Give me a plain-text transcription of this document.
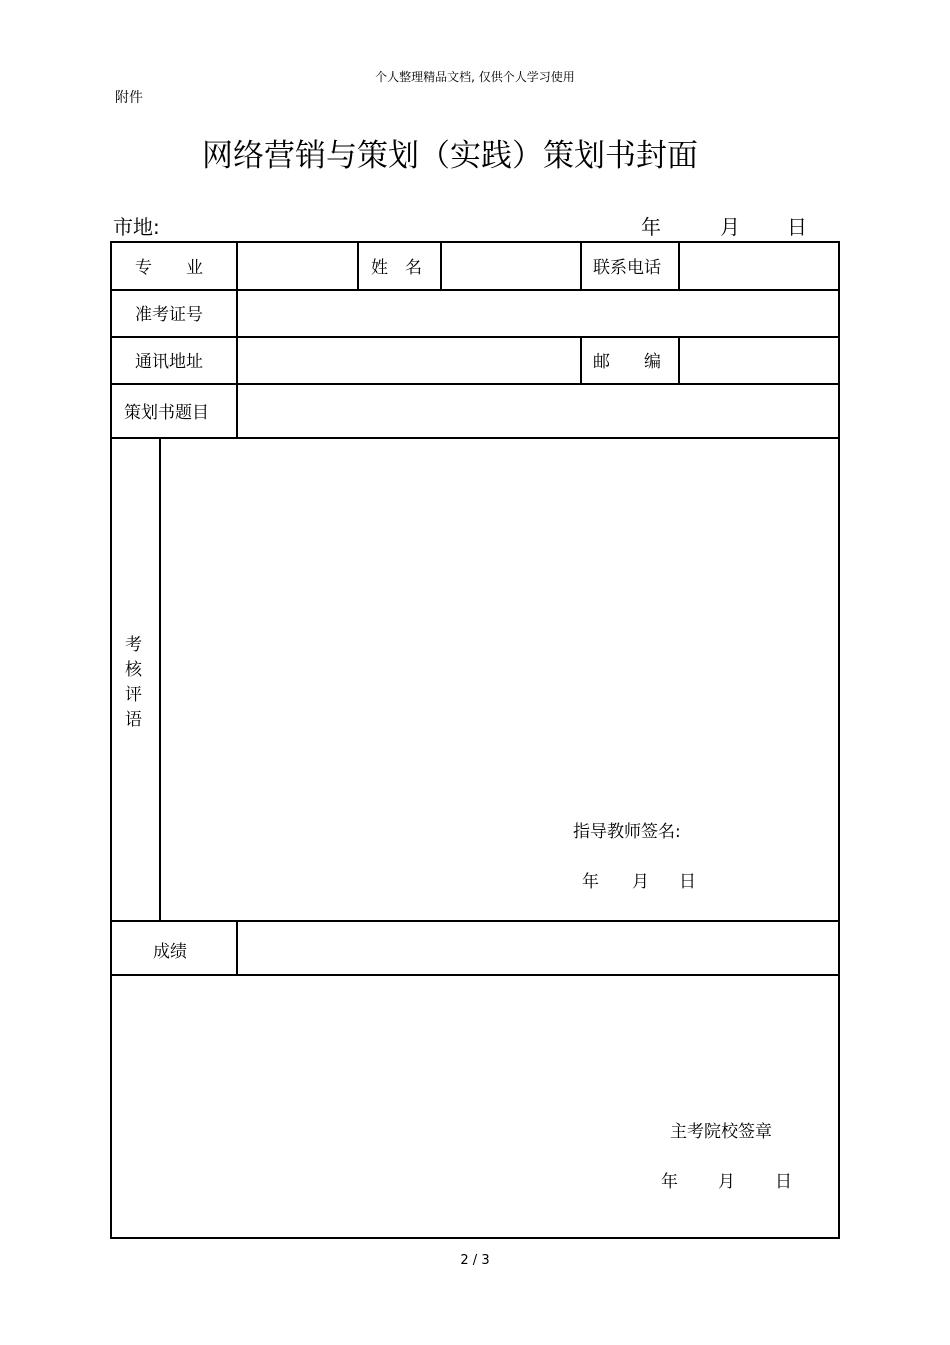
个人整理精品文档, 仅供个人学习使用
附件
网络营销与策划（实践）策划书封面
市地:	年	月 日
专　　业	姓　名	联系电话
准考证号
通讯地址	邮　　编
策划书题目
考
核
评
语
指导教师签名:
年 月 日
成绩
主考院校签章
年 月 日
2 / 3
